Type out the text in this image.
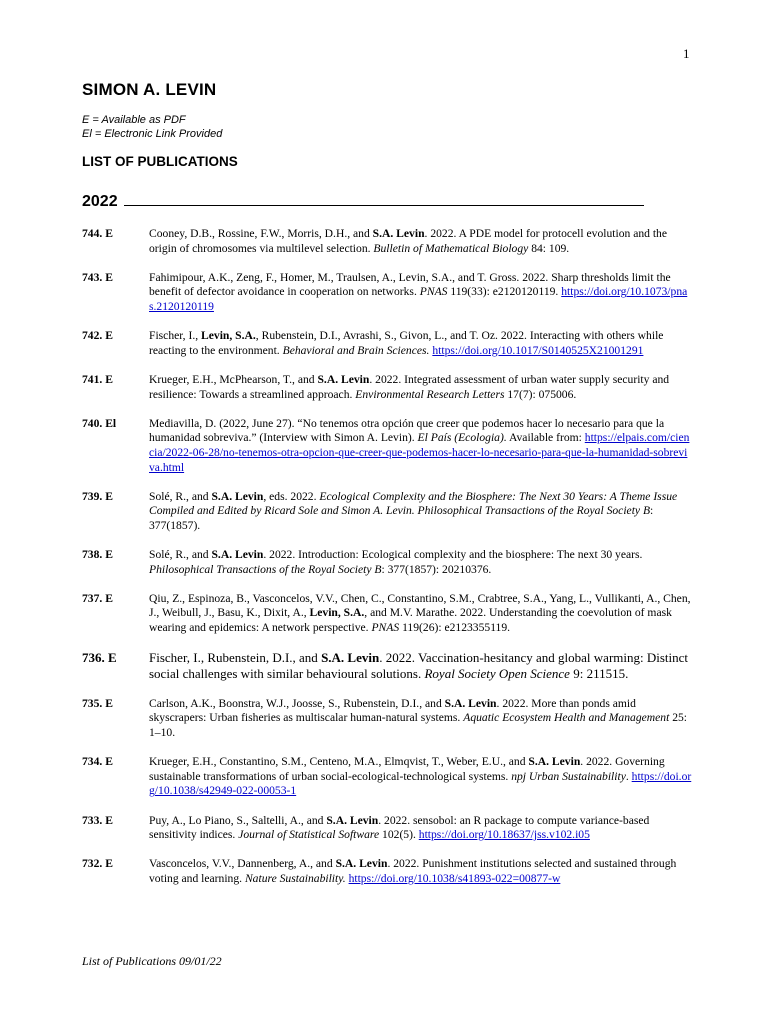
1
SIMON A. LEVIN
E = Available as PDF
El = Electronic Link Provided
LIST OF PUBLICATIONS
2022
744. E	Cooney, D.B., Rossine, F.W., Morris, D.H., and S.A. Levin. 2022. A PDE model for protocell evolution and the origin of chromosomes via multilevel selection. Bulletin of Mathematical Biology 84: 109.
743. E	Fahimipour, A.K., Zeng, F., Homer, M., Traulsen, A., Levin, S.A., and T. Gross. 2022. Sharp thresholds limit the benefit of defector avoidance in cooperation on networks. PNAS 119(33): e2120120119. https://doi.org/10.1073/pnas.2120120119
742. E	Fischer, I., Levin, S.A., Rubenstein, D.I., Avrashi, S., Givon, L., and T. Oz. 2022. Interacting with others while reacting to the environment. Behavioral and Brain Sciences. https://doi.org/10.1017/S0140525X21001291
741. E	Krueger, E.H., McPhearson, T., and S.A. Levin. 2022. Integrated assessment of urban water supply security and resilience: Towards a streamlined approach. Environmental Research Letters 17(7): 075006.
740. El	Mediavilla, D. (2022, June 27). “No tenemos otra opción que creer que podemos hacer lo necesario para que la humanidad sobreviva.” (Interview with Simon A. Levin). El País (Ecologia). Available from: https://elpais.com/ciencia/2022-06-28/no-tenemos-otra-opcion-que-creer-que-podemos-hacer-lo-necesario-para-que-la-humanidad-sobreviva.html
739. E	Solé, R., and S.A. Levin, eds. 2022. Ecological Complexity and the Biosphere: The Next 30 Years: A Theme Issue Compiled and Edited by Ricard Sole and Simon A. Levin. Philosophical Transactions of the Royal Society B: 377(1857).
738. E	Solé, R., and S.A. Levin. 2022. Introduction: Ecological complexity and the biosphere: The next 30 years. Philosophical Transactions of the Royal Society B: 377(1857): 20210376.
737. E	Qiu, Z., Espinoza, B., Vasconcelos, V.V., Chen, C., Constantino, S.M., Crabtree, S.A., Yang, L., Vullikanti, A., Chen, J., Weibull, J., Basu, K., Dixit, A., Levin, S.A., and M.V. Marathe. 2022. Understanding the coevolution of mask wearing and epidemics: A network perspective. PNAS 119(26): e2123355119.
736. E	Fischer, I., Rubenstein, D.I., and S.A. Levin. 2022. Vaccination-hesitancy and global warming: Distinct social challenges with similar behavioural solutions. Royal Society Open Science 9: 211515.
735. E	Carlson, A.K., Boonstra, W.J., Joosse, S., Rubenstein, D.I., and S.A. Levin. 2022. More than ponds amid skyscrapers: Urban fisheries as multiscalar human-natural systems. Aquatic Ecosystem Health and Management 25: 1–10.
734. E	Krueger, E.H., Constantino, S.M., Centeno, M.A., Elmqvist, T., Weber, E.U., and S.A. Levin. 2022. Governing sustainable transformations of urban social-ecological-technological systems. npj Urban Sustainability. https://doi.org/10.1038/s42949-022-00053-1
733. E	Puy, A., Lo Piano, S., Saltelli, A., and S.A. Levin. 2022. sensobol: an R package to compute variance-based sensitivity indices. Journal of Statistical Software 102(5). https://doi.org/10.18637/jss.v102.i05
732. E	Vasconcelos, V.V., Dannenberg, A., and S.A. Levin. 2022. Punishment institutions selected and sustained through voting and learning. Nature Sustainability. https://doi.org/10.1038/s41893-022=00877-w
List of Publications 09/01/22
